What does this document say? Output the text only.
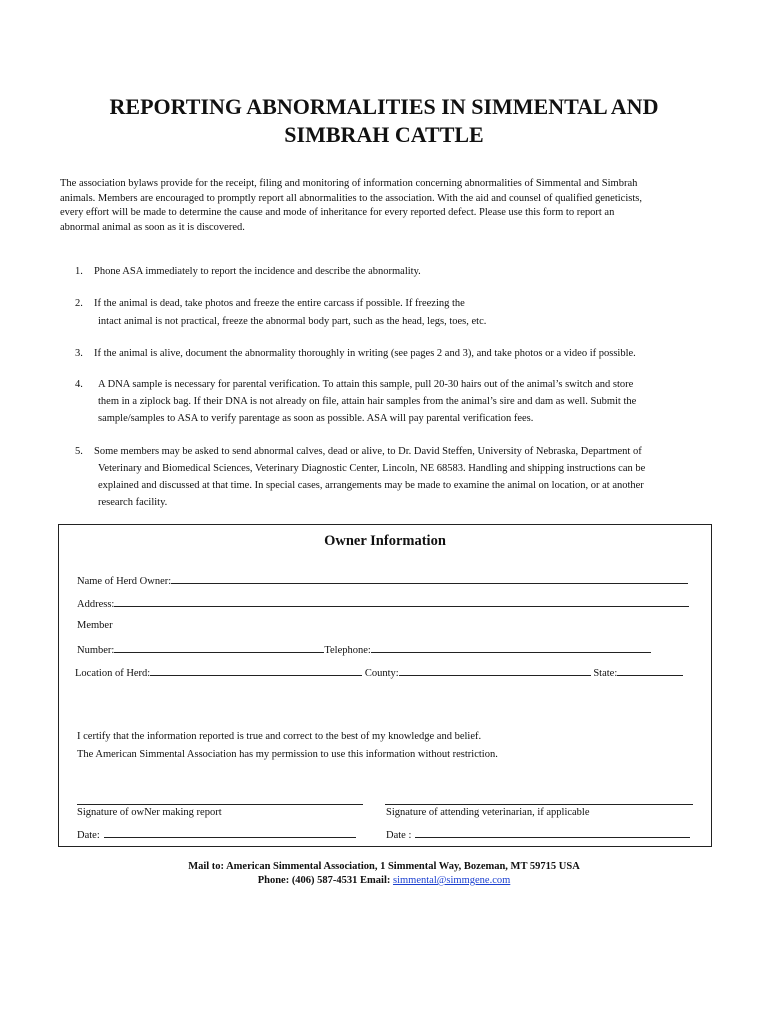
REPORTING ABNORMALITIES IN SIMMENTAL AND
SIMBRAH CATTLE
The association bylaws provide for the receipt, filing and monitoring of information concerning abnormalities of Simmental and Simbrah
animals. Members are encouraged to promptly report all abnormalities to the association. With the aid and counsel of qualified geneticists,
every effort will be made to determine the cause and mode of inheritance for every reported defect. Please use this form to report an
abnormal animal as soon as it is discovered.
1. Phone ASA immediately to report the incidence and describe the abnormality.
2. If the animal is dead, take photos and freeze the entire carcass if possible. If freezing the
intact animal is not practical, freeze the abnormal body part, such as the head, legs, toes, etc.
3. If the animal is alive, document the abnormality thoroughly in writing (see pages 2 and 3), and take photos or a video if possible.
4. A DNA sample is necessary for parental verification. To attain this sample, pull 20-30 hairs out of the animal’s switch and store
them in a ziplock bag. If their DNA is not already on file, attain hair samples from the animal’s sire and dam as well. Submit the
sample/samples to ASA to verify parentage as soon as possible. ASA will pay parental verification fees.
5. Some members may be asked to send abnormal calves, dead or alive, to Dr. David Steffen, University of Nebraska, Department of
Veterinary and Biomedical Sciences, Veterinary Diagnostic Center, Lincoln, NE 68583. Handling and shipping instructions can be
explained and discussed at that time. In special cases, arrangements may be made to examine the animal on location, or at another
research facility.
Owner Information
Name of Herd Owner:
Address:
Member
Number:	Telephone:
Location of Herd:	County:	State:
I certify that the information reported is true and correct to the best of my knowledge and belief.
The American Simmental Association has my permission to use this information without restriction.
Signature of owNer making report	Signature of attending veterinarian, if applicable
Date:	Date :
Mail to: American Simmental Association, 1 Simmental Way, Bozeman, MT 59715 USA
Phone: (406) 587-4531 Email: simmental@simmgene.com
